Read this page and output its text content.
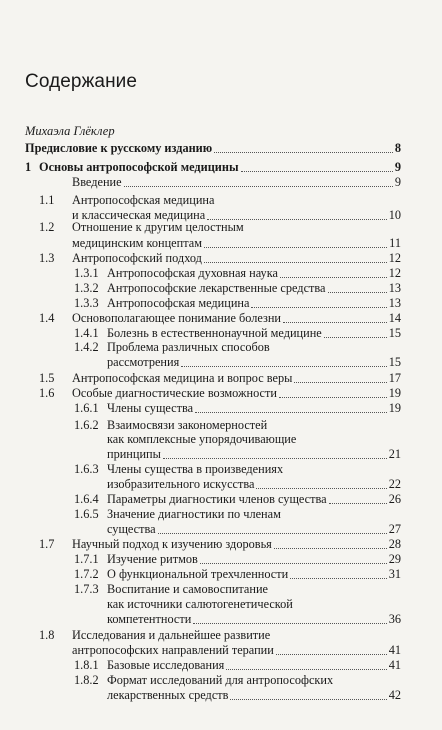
Содержание
Михаэла Глёклер
Предисловие к русскому изданию	8
1 Основы антропософской медицины	9
Введение	9
1.1 Антропософская медицина
и классическая медицина	10
1.2 Отношение к другим целостным
медицинским концептам	11
1.3 Антропософский подход	12
1.3.1 Антропософская духовная наука	12
1.3.2 Антропософские лекарственные средства	13
1.3.3 Антропософская медицина	13
1.4 Основополагающее понимание болезни	14
1.4.1 Болезнь в естественнонаучной медицине	15
1.4.2 Проблема различных способов
рассмотрения	15
1.5 Антропософская медицина и вопрос веры	17
1.6 Особые диагностические возможности	19
1.6.1 Члены существа	19
1.6.2 Взаимосвязи закономерностей
как комплексные упорядочивающие
принципы	21
1.6.3 Члены существа в произведениях
изобразительного искусства	22
1.6.4 Параметры диагностики членов существа	26
1.6.5 Значение диагностики по членам
существа	27
1.7 Научный подход к изучению здоровья	28
1.7.1 Изучение ритмов	29
1.7.2 О функциональной трехчленности	31
1.7.3 Воспитание и самовоспитание
как источники салютогенетической
компетентности	36
1.8 Исследования и дальнейшее развитие
антропософских направлений терапии	41
1.8.1 Базовые исследования	41
1.8.2 Формат исследований для антропософских
лекарственных средств	42
